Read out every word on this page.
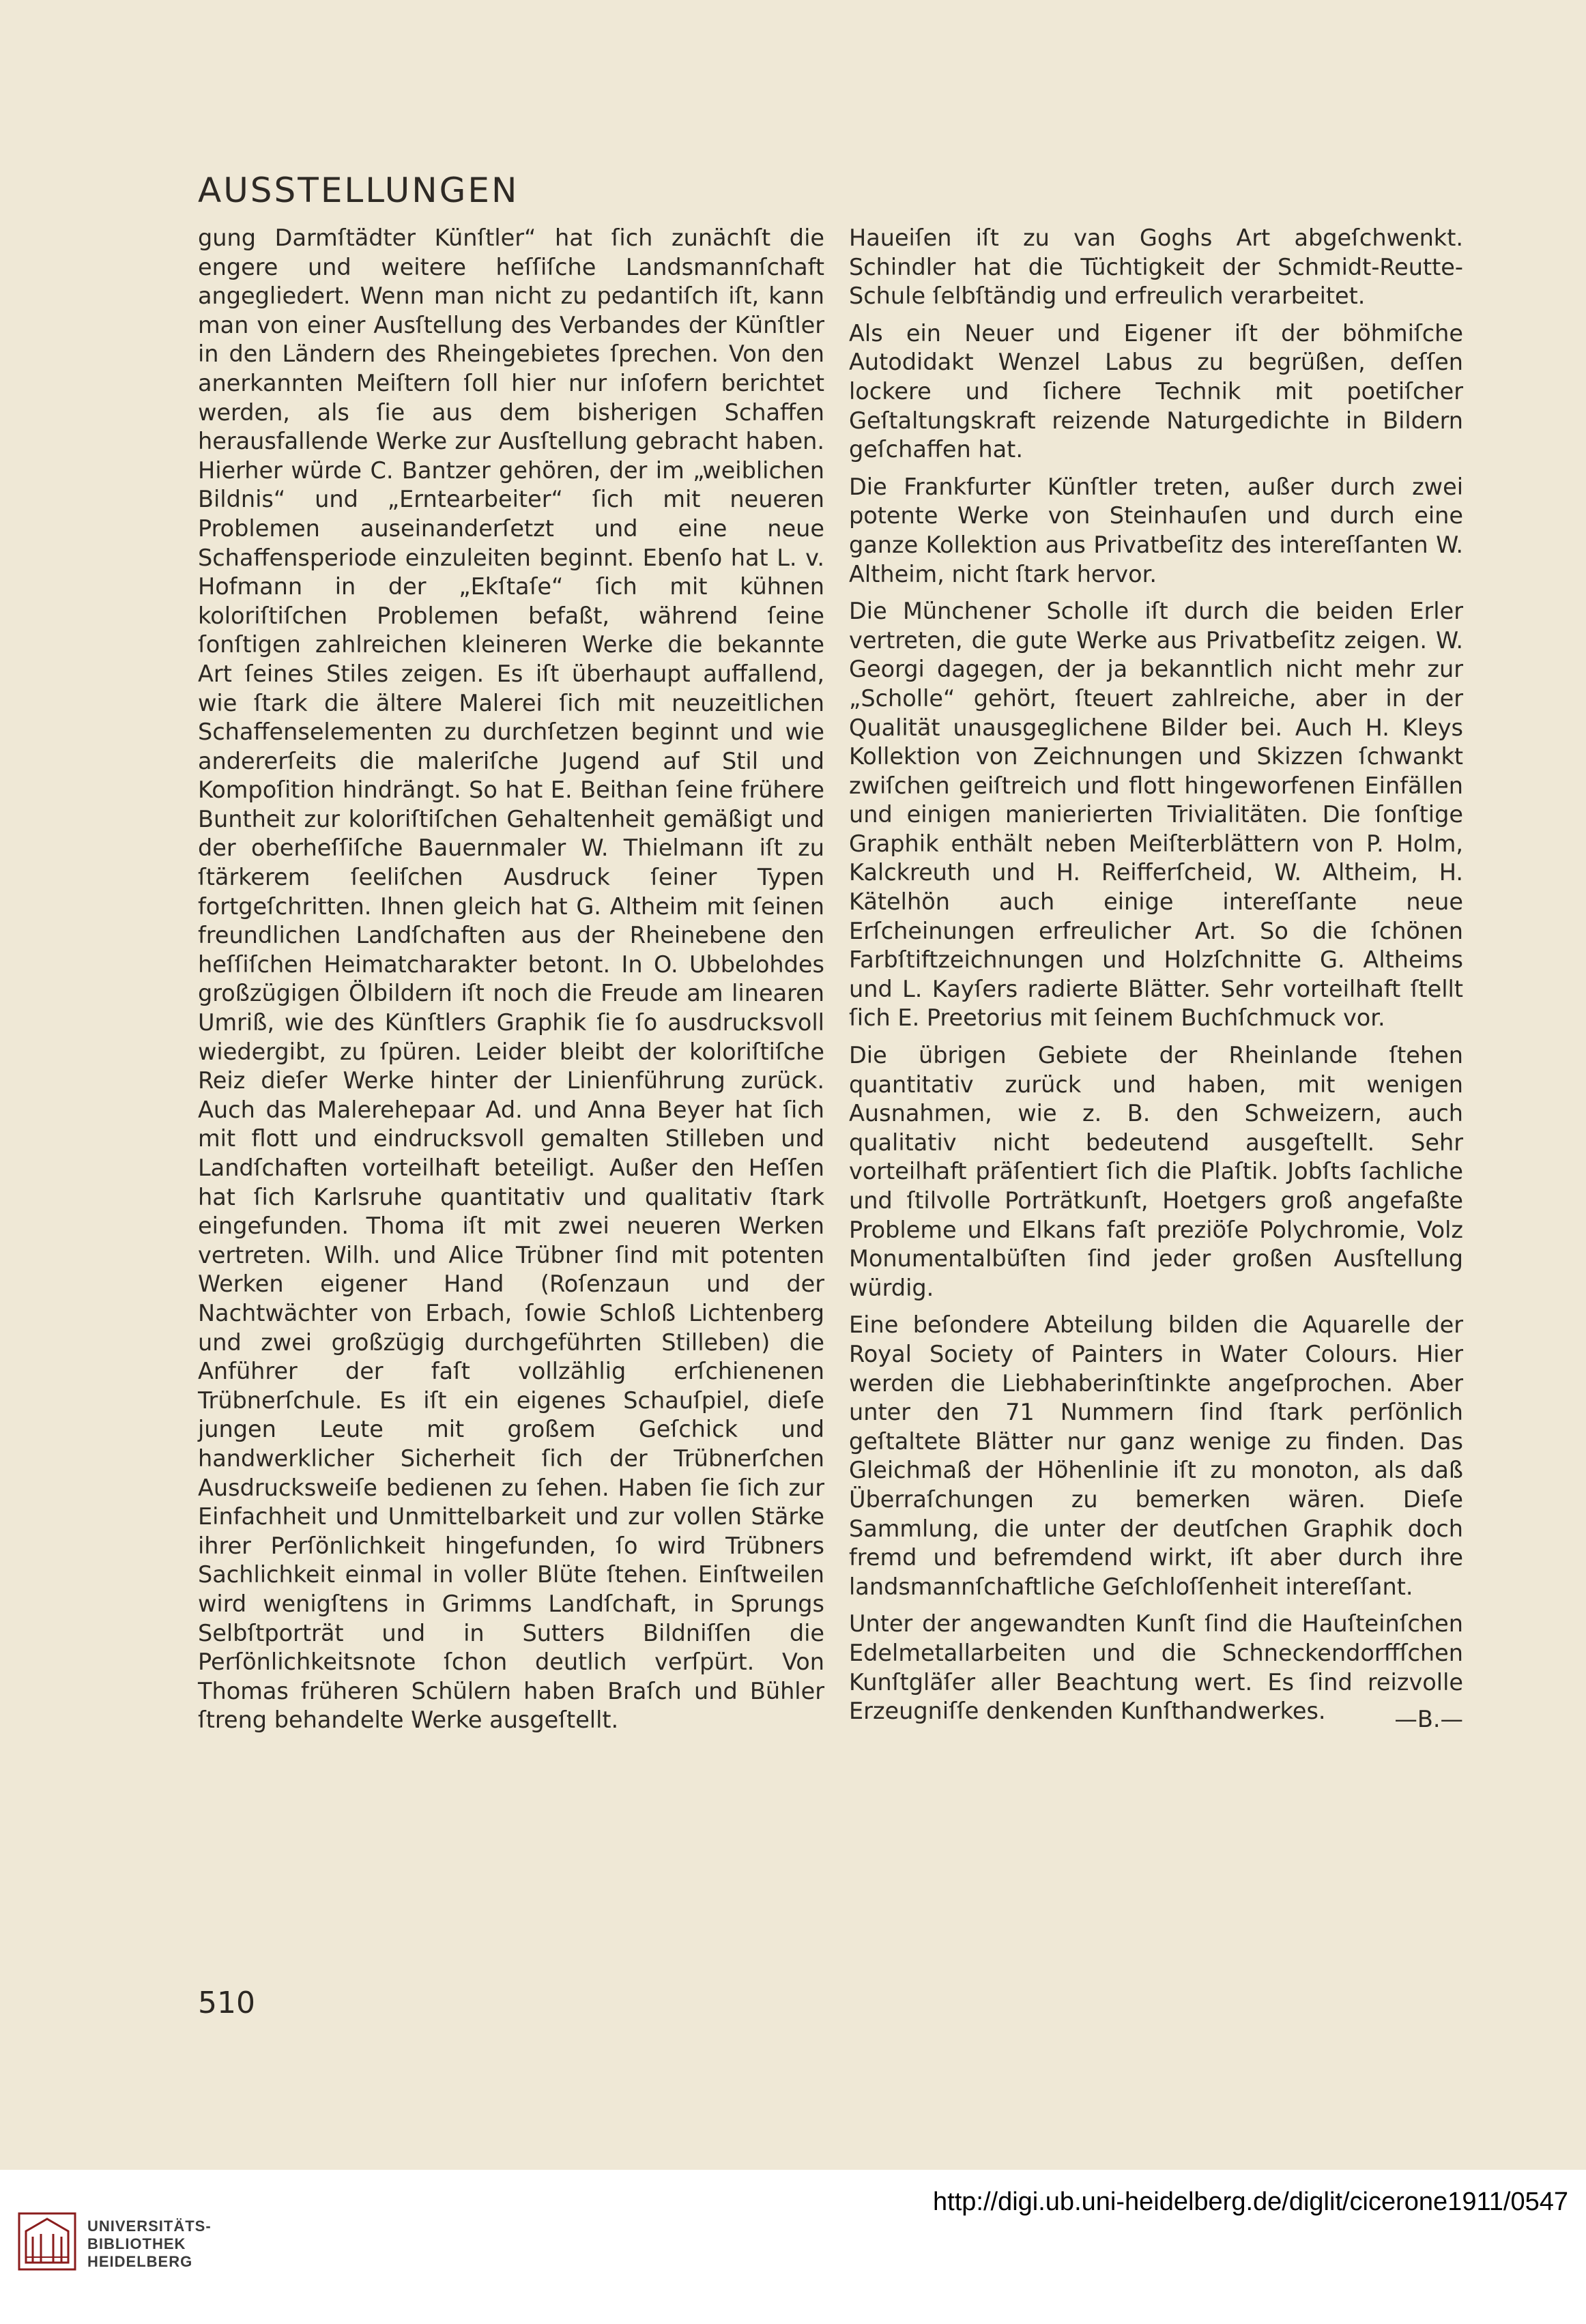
AUSSTELLUNGEN

gung Darmſtädter Künſtler“ hat ſich zunächſt die engere und weitere heſſiſche Landsmannſchaft angegliedert. Wenn man nicht zu pedantiſch iſt, kann man von einer Ausſtellung des Verbandes der Künſtler in den Ländern des Rheingebietes ſprechen. Von den anerkannten Meiſtern ſoll hier nur inſofern berichtet werden, als ſie aus dem bisherigen Schaffen herausfallende Werke zur Ausſtellung gebracht haben. Hierher würde C. Bantzer gehören, der im „weiblichen Bildnis“ und „Erntearbeiter“ ſich mit neueren Problemen auseinanderſetzt und eine neue Schaffensperiode einzuleiten beginnt. Ebenſo hat L. v. Hofmann in der „Ekſtaſe“ ſich mit kühnen koloriſtiſchen Problemen befaßt, während ſeine ſonſtigen zahlreichen kleineren Werke die bekannte Art ſeines Stiles zeigen. Es iſt überhaupt auffallend, wie ſtark die ältere Malerei ſich mit neuzeitlichen Schaffenselementen zu durchſetzen beginnt und wie andererſeits die maleriſche Jugend auf Stil und Kompoſition hindrängt. So hat E. Beithan ſeine frühere Buntheit zur koloriſtiſchen Gehaltenheit gemäßigt und der oberheſſiſche Bauernmaler W. Thielmann iſt zu ſtärkerem ſeeliſchen Ausdruck ſeiner Typen fortgeſchritten. Ihnen gleich hat G. Altheim mit ſeinen freundlichen Landſchaften aus der Rheinebene den heſſiſchen Heimatcharakter betont. In O. Ubbelohdes großzügigen Ölbildern iſt noch die Freude am linearen Umriß, wie des Künſtlers Graphik ſie ſo ausdrucksvoll wiedergibt, zu ſpüren. Leider bleibt der koloriſtiſche Reiz dieſer Werke hinter der Linienführung zurück. Auch das Malerehepaar Ad. und Anna Beyer hat ſich mit flott und eindrucksvoll gemalten Stilleben und Landſchaften vorteilhaft beteiligt. Außer den Heſſen hat ſich Karlsruhe quantitativ und qualitativ ſtark eingefunden. Thoma iſt mit zwei neueren Werken vertreten. Wilh. und Alice Trübner ſind mit potenten Werken eigener Hand (Roſenzaun und der Nachtwächter von Erbach, ſowie Schloß Lichtenberg und zwei großzügig durchgeführten Stilleben) die Anführer der faſt vollzählig erſchienenen Trübnerſchule. Es iſt ein eigenes Schauſpiel, dieſe jungen Leute mit großem Geſchick und handwerklicher Sicherheit ſich der Trübnerſchen Ausdrucksweiſe bedienen zu ſehen. Haben ſie ſich zur Einfachheit und Unmittelbarkeit und zur vollen Stärke ihrer Perſönlichkeit hingefunden, ſo wird Trübners Sachlichkeit einmal in voller Blüte ſtehen. Einſtweilen wird wenigſtens in Grimms Landſchaft, in Sprungs Selbſtporträt und in Sutters Bildniſſen die Perſönlichkeitsnote ſchon deutlich verſpürt. Von Thomas früheren Schülern haben Braſch und Bühler ſtreng behandelte Werke ausgeſtellt.

Haueiſen iſt zu van Goghs Art abgeſchwenkt. Schindler hat die Tüchtigkeit der Schmidt-Reutte-Schule ſelbſtändig und erfreulich verarbeitet.

Als ein Neuer und Eigener iſt der böhmiſche Autodidakt Wenzel Labus zu begrüßen, deſſen lockere und ſichere Technik mit poetiſcher Geſtaltungskraft reizende Naturgedichte in Bildern geſchaffen hat.

Die Frankfurter Künſtler treten, außer durch zwei potente Werke von Steinhauſen und durch eine ganze Kollektion aus Privatbeſitz des intereſſanten W. Altheim, nicht ſtark hervor.

Die Münchener Scholle iſt durch die beiden Erler vertreten, die gute Werke aus Privatbeſitz zeigen. W. Georgi dagegen, der ja bekanntlich nicht mehr zur „Scholle“ gehört, ſteuert zahlreiche, aber in der Qualität unausgeglichene Bilder bei. Auch H. Kleys Kollektion von Zeichnungen und Skizzen ſchwankt zwiſchen geiſtreich und flott hingeworfenen Einfällen und einigen manierierten Trivialitäten. Die ſonſtige Graphik enthält neben Meiſterblättern von P. Holm, Kalckreuth und H. Reifferſcheid, W. Altheim, H. Kätelhön auch einige intereſſante neue Erſcheinungen erfreulicher Art. So die ſchönen Farbſtiftzeichnungen und Holzſchnitte G. Altheims und L. Kayſers radierte Blätter. Sehr vorteilhaft ſtellt ſich E. Preetorius mit ſeinem Buchſchmuck vor.

Die übrigen Gebiete der Rheinlande ſtehen quantitativ zurück und haben, mit wenigen Ausnahmen, wie z. B. den Schweizern, auch qualitativ nicht bedeutend ausgeſtellt. Sehr vorteilhaft präſentiert ſich die Plaſtik. Jobſts ſachliche und ſtilvolle Porträtkunſt, Hoetgers groß angefaßte Probleme und Elkans faſt preziöſe Polychromie, Volz Monumentalbüſten ſind jeder großen Ausſtellung würdig.

Eine beſondere Abteilung bilden die Aquarelle der Royal Society of Painters in Water Colours. Hier werden die Liebhaberinſtinkte angeſprochen. Aber unter den 71 Nummern ſind ſtark perſönlich geſtaltete Blätter nur ganz wenige zu finden. Das Gleichmaß der Höhenlinie iſt zu monoton, als daß Überraſchungen zu bemerken wären. Dieſe Sammlung, die unter der deutſchen Graphik doch fremd und befremdend wirkt, iſt aber durch ihre landsmannſchaftliche Geſchloſſenheit intereſſant.

Unter der angewandten Kunſt ſind die Hauſteinſchen Edelmetallarbeiten und die Schneckendorffſchen Kunſtgläſer aller Beachtung wert. Es ſind reizvolle Erzeugniſſe denkenden Kunſthandwerkes.	—B.—
510
UNIVERSITÄTS-
BIBLIOTHEK
HEIDELBERG
http://digi.ub.uni-heidelberg.de/diglit/cicerone1911/0547
